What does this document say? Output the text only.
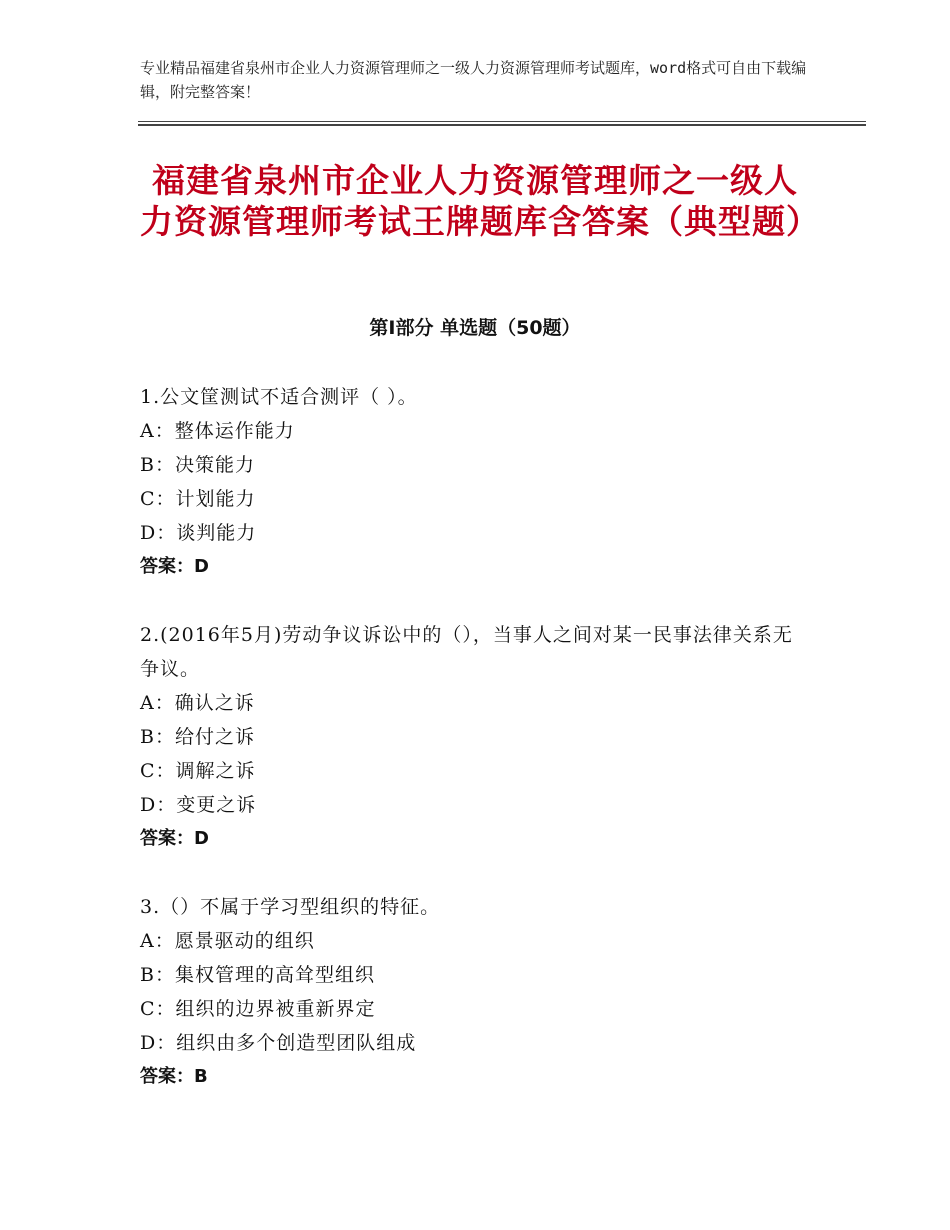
专业精品福建省泉州市企业人力资源管理师之一级人力资源管理师考试题库，word格式可自由下载编辑，附完整答案！
福建省泉州市企业人力资源管理师之一级人力资源管理师考试王牌题库含答案（典型题）
第Ⅰ部分 单选题（50题）
1.公文筐测试不适合测评（ ）。
A：整体运作能力
B：决策能力
C：计划能力
D：谈判能力
答案：D
2.(2016年5月)劳动争议诉讼中的（），当事人之间对某一民事法律关系无争议。
A：确认之诉
B：给付之诉
C：调解之诉
D：变更之诉
答案：D
3.（）不属于学习型组织的特征。
A：愿景驱动的组织
B：集权管理的高耸型组织
C：组织的边界被重新界定
D：组织由多个创造型团队组成
答案：B
